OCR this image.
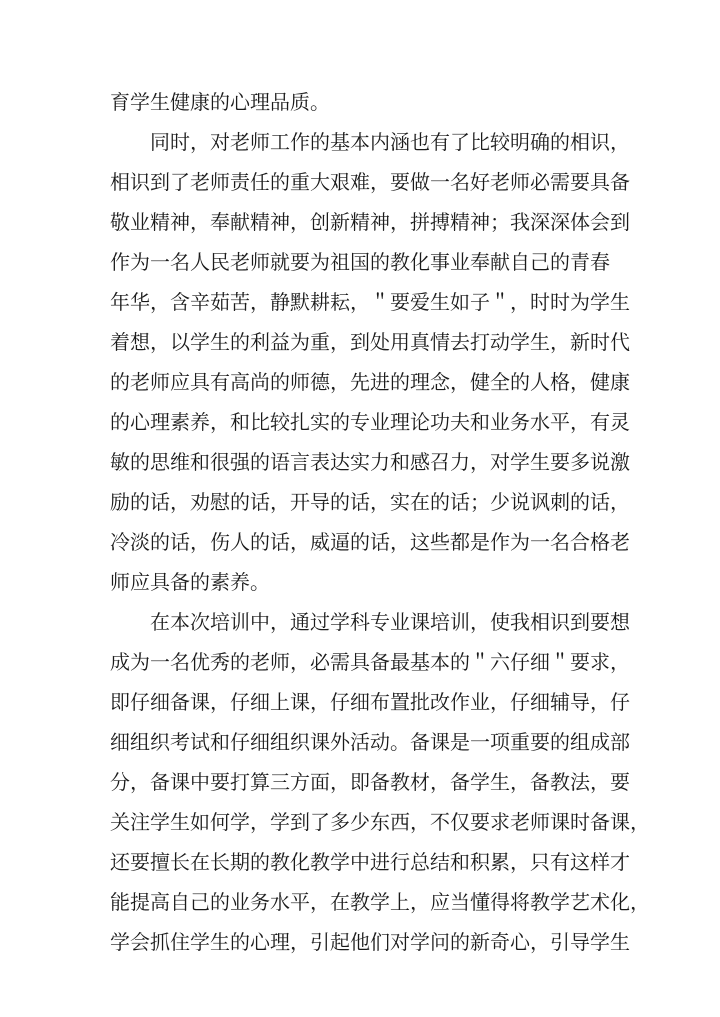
育学生健康的心理品质。
同时，对老师工作的基本内涵也有了比较明确的相识，
相识到了老师责任的重大艰难，要做一名好老师必需要具备
敬业精神，奉献精神，创新精神，拼搏精神；我深深体会到
作为一名人民老师就要为祖国的教化事业奉献自己的青春
年华，含辛茹苦，静默耕耘，＂要爱生如子＂，时时为学生
着想，以学生的利益为重，到处用真情去打动学生，新时代
的老师应具有高尚的师德，先进的理念，健全的人格，健康
的心理素养，和比较扎实的专业理论功夫和业务水平，有灵
敏的思维和很强的语言表达实力和感召力，对学生要多说激
励的话，劝慰的话，开导的话，实在的话；少说讽刺的话，
冷淡的话，伤人的话，威逼的话，这些都是作为一名合格老
师应具备的素养。
在本次培训中，通过学科专业课培训，使我相识到要想
成为一名优秀的老师，必需具备最基本的＂六仔细＂要求，
即仔细备课，仔细上课，仔细布置批改作业，仔细辅导，仔
细组织考试和仔细组织课外活动。备课是一项重要的组成部
分，备课中要打算三方面，即备教材，备学生，备教法，要
关注学生如何学，学到了多少东西，不仅要求老师课时备课，
还要擅长在长期的教化教学中进行总结和积累，只有这样才
能提高自己的业务水平，在教学上，应当懂得将教学艺术化，
学会抓住学生的心理，引起他们对学问的新奇心，引导学生
